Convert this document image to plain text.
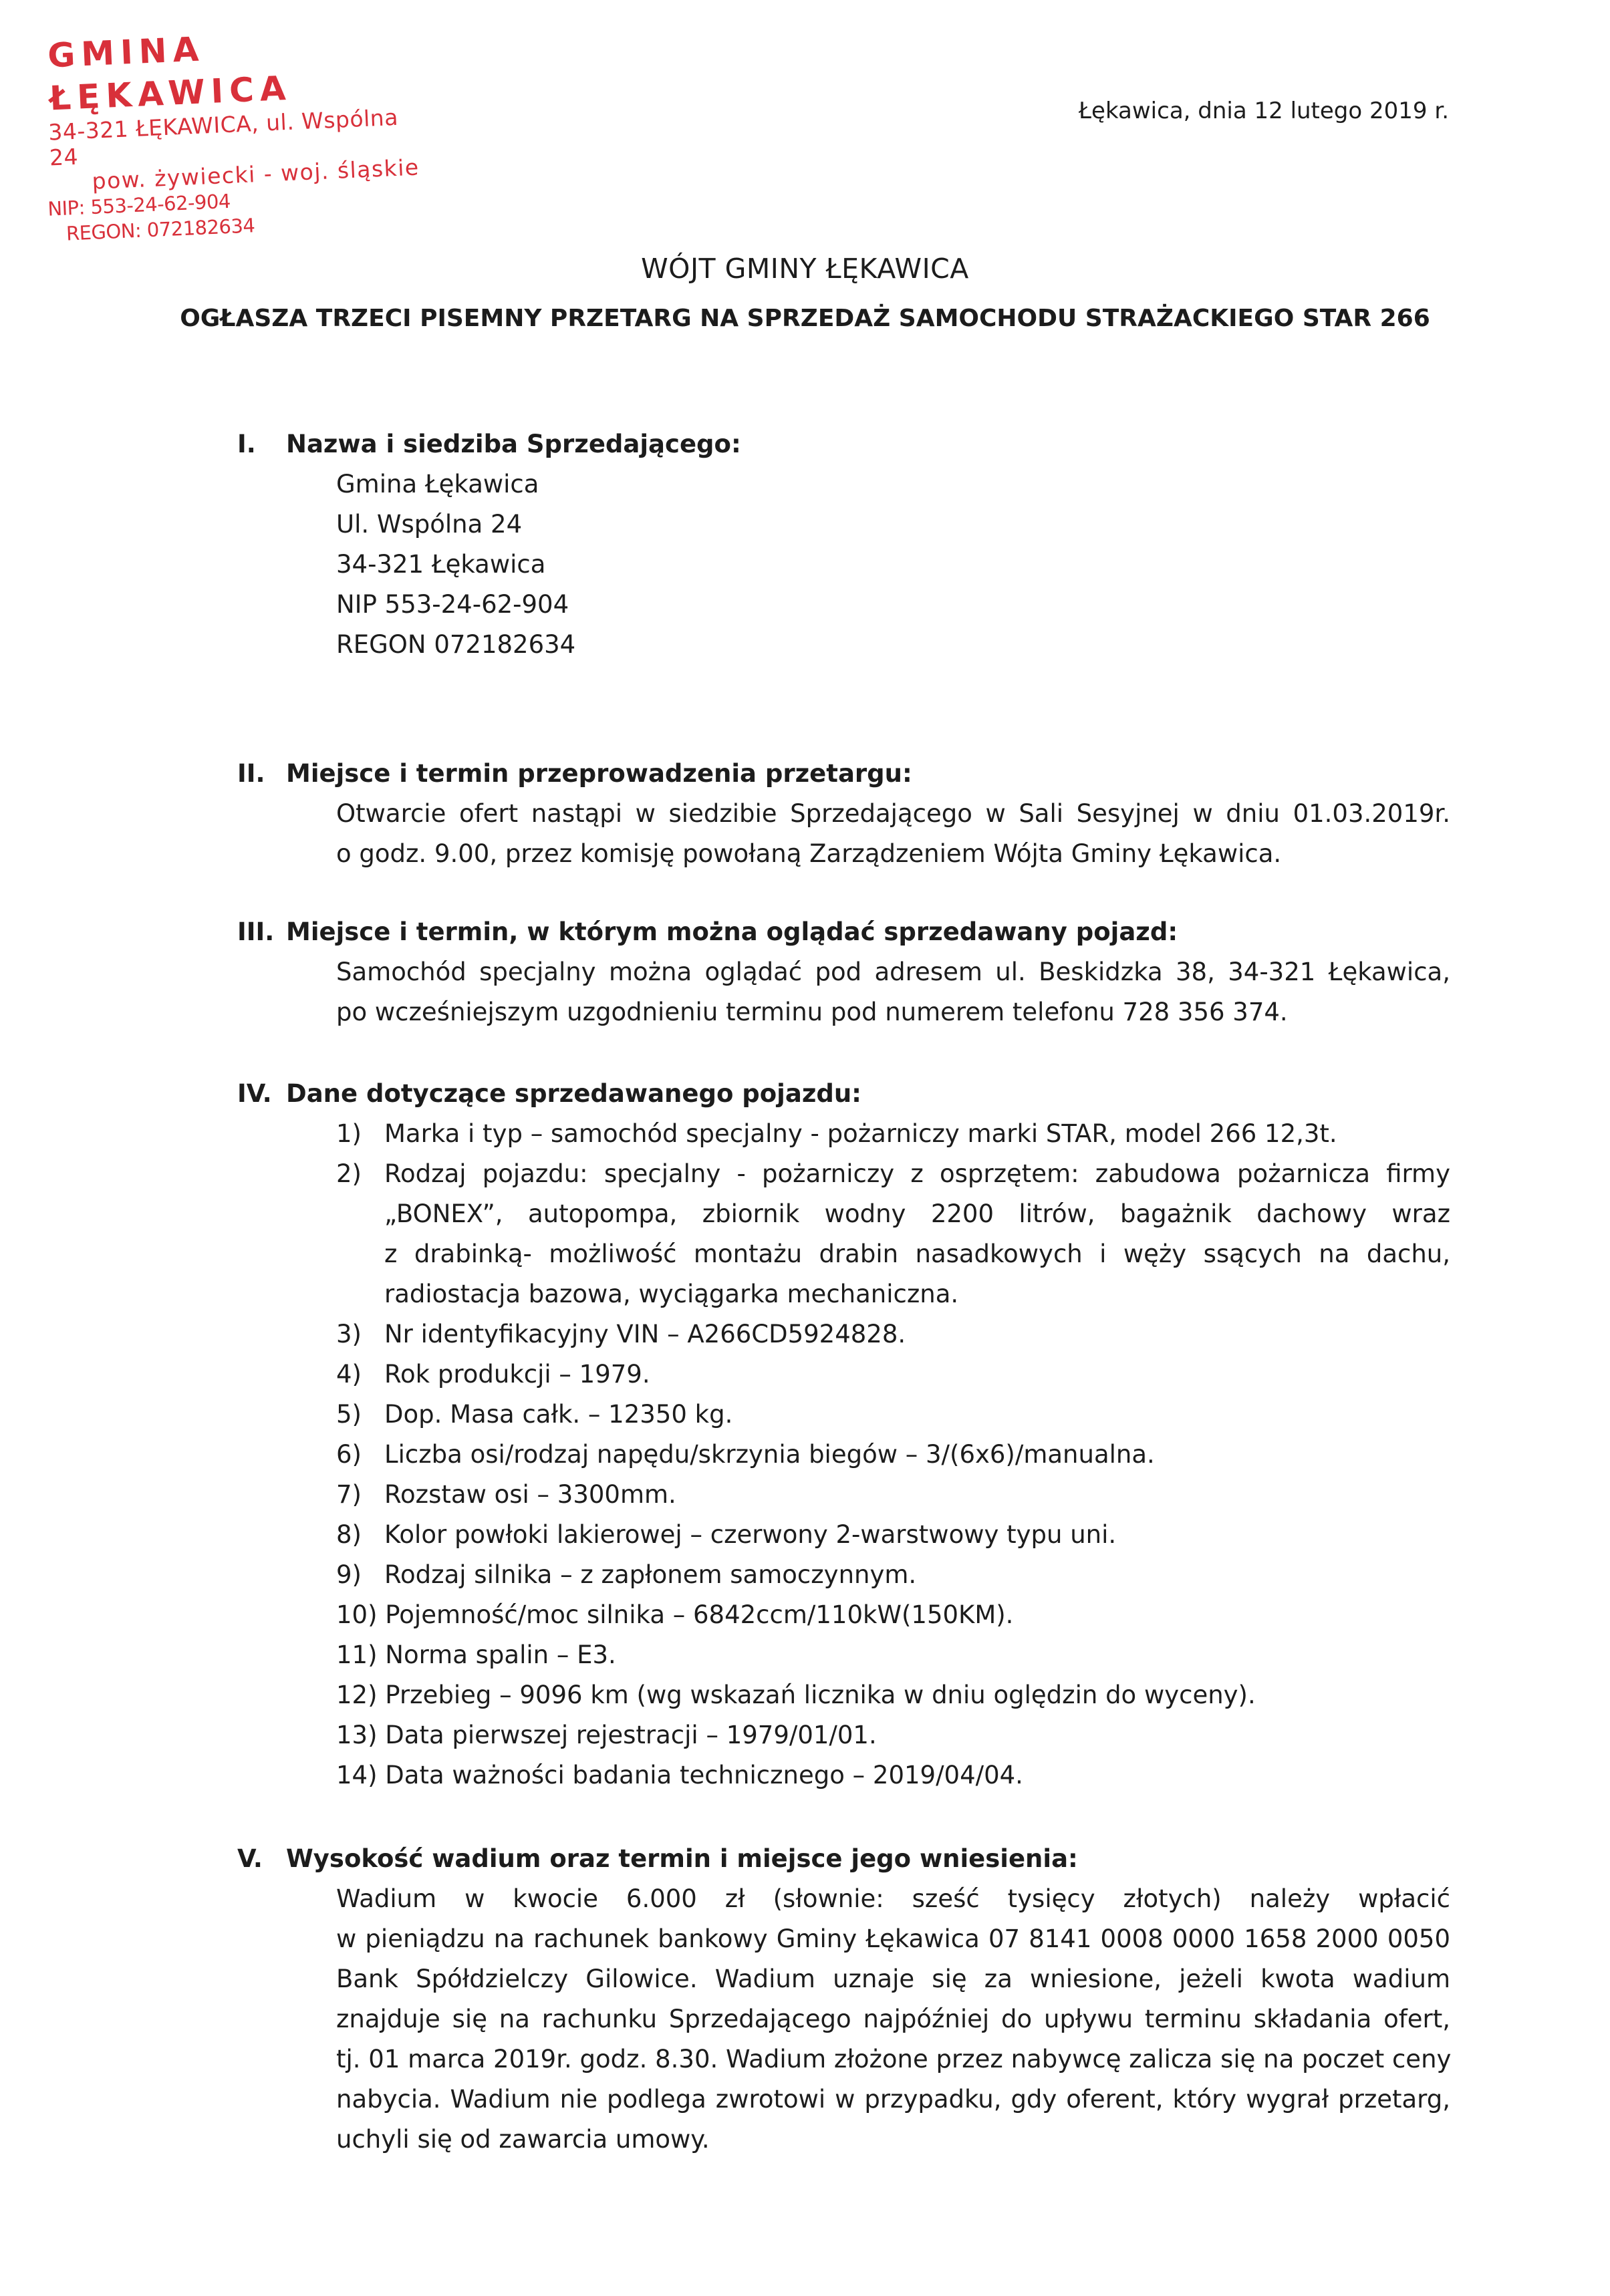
GMINA ŁĘKAWICA
34-321 ŁĘKAWICA, ul. Wspólna 24 pow. żywiecki - woj. śląskie
NIP: 553-24-62-904 REGON: 072182634
Łękawica, dnia 12 lutego 2019 r.
WÓJT GMINY ŁĘKAWICA
OGŁASZA TRZECI PISEMNY PRZETARG NA SPRZEDAŻ SAMOCHODU STRAŻACKIEGO STAR 266
I. Nazwa i siedziba Sprzedającego:
Gmina Łękawica
Ul. Wspólna 24
34-321 Łękawica
NIP 553-24-62-904
REGON 072182634
II. Miejsce i termin przeprowadzenia przetargu:
Otwarcie ofert nastąpi w siedzibie Sprzedającego w Sali Sesyjnej w dniu 01.03.2019r.
o godz. 9.00, przez komisję powołaną Zarządzeniem Wójta Gminy Łękawica.
III. Miejsce i termin, w którym można oglądać sprzedawany pojazd:
Samochód specjalny można oglądać pod adresem ul. Beskidzka 38, 34-321 Łękawica,
po wcześniejszym uzgodnieniu terminu pod numerem telefonu 728 356 374.
IV. Dane dotyczące sprzedawanego pojazdu:
1) Marka i typ – samochód specjalny - pożarniczy marki STAR, model 266 12,3t.
2) Rodzaj pojazdu: specjalny - pożarniczy z osprzętem: zabudowa pożarnicza firmy
„BONEX”, autopompa, zbiornik wodny 2200 litrów, bagażnik dachowy wraz
z drabinką- możliwość montażu drabin nasadkowych i węży ssących na dachu,
radiostacja bazowa, wyciągarka mechaniczna.
3) Nr identyfikacyjny VIN – A266CD5924828.
4) Rok produkcji – 1979.
5) Dop. Masa całk. – 12350 kg.
6) Liczba osi/rodzaj napędu/skrzynia biegów – 3/(6x6)/manualna.
7) Rozstaw osi – 3300mm.
8) Kolor powłoki lakierowej – czerwony 2-warstwowy typu uni.
9) Rodzaj silnika – z zapłonem samoczynnym.
10) Pojemność/moc silnika – 6842ccm/110kW(150KM).
11) Norma spalin – E3.
12) Przebieg – 9096 km (wg wskazań licznika w dniu oględzin do wyceny).
13) Data pierwszej rejestracji – 1979/01/01.
14) Data ważności badania technicznego – 2019/04/04.
V. Wysokość wadium oraz termin i miejsce jego wniesienia:
Wadium w kwocie 6.000 zł (słownie: sześć tysięcy złotych) należy wpłacić
w pieniądzu na rachunek bankowy Gminy Łękawica 07 8141 0008 0000 1658 2000 0050
Bank Spółdzielczy Gilowice. Wadium uznaje się za wniesione, jeżeli kwota wadium
znajduje się na rachunku Sprzedającego najpóźniej do upływu terminu składania ofert,
tj. 01 marca 2019r. godz. 8.30. Wadium złożone przez nabywcę zalicza się na poczet ceny
nabycia. Wadium nie podlega zwrotowi w przypadku, gdy oferent, który wygrał przetarg,
uchyli się od zawarcia umowy.
